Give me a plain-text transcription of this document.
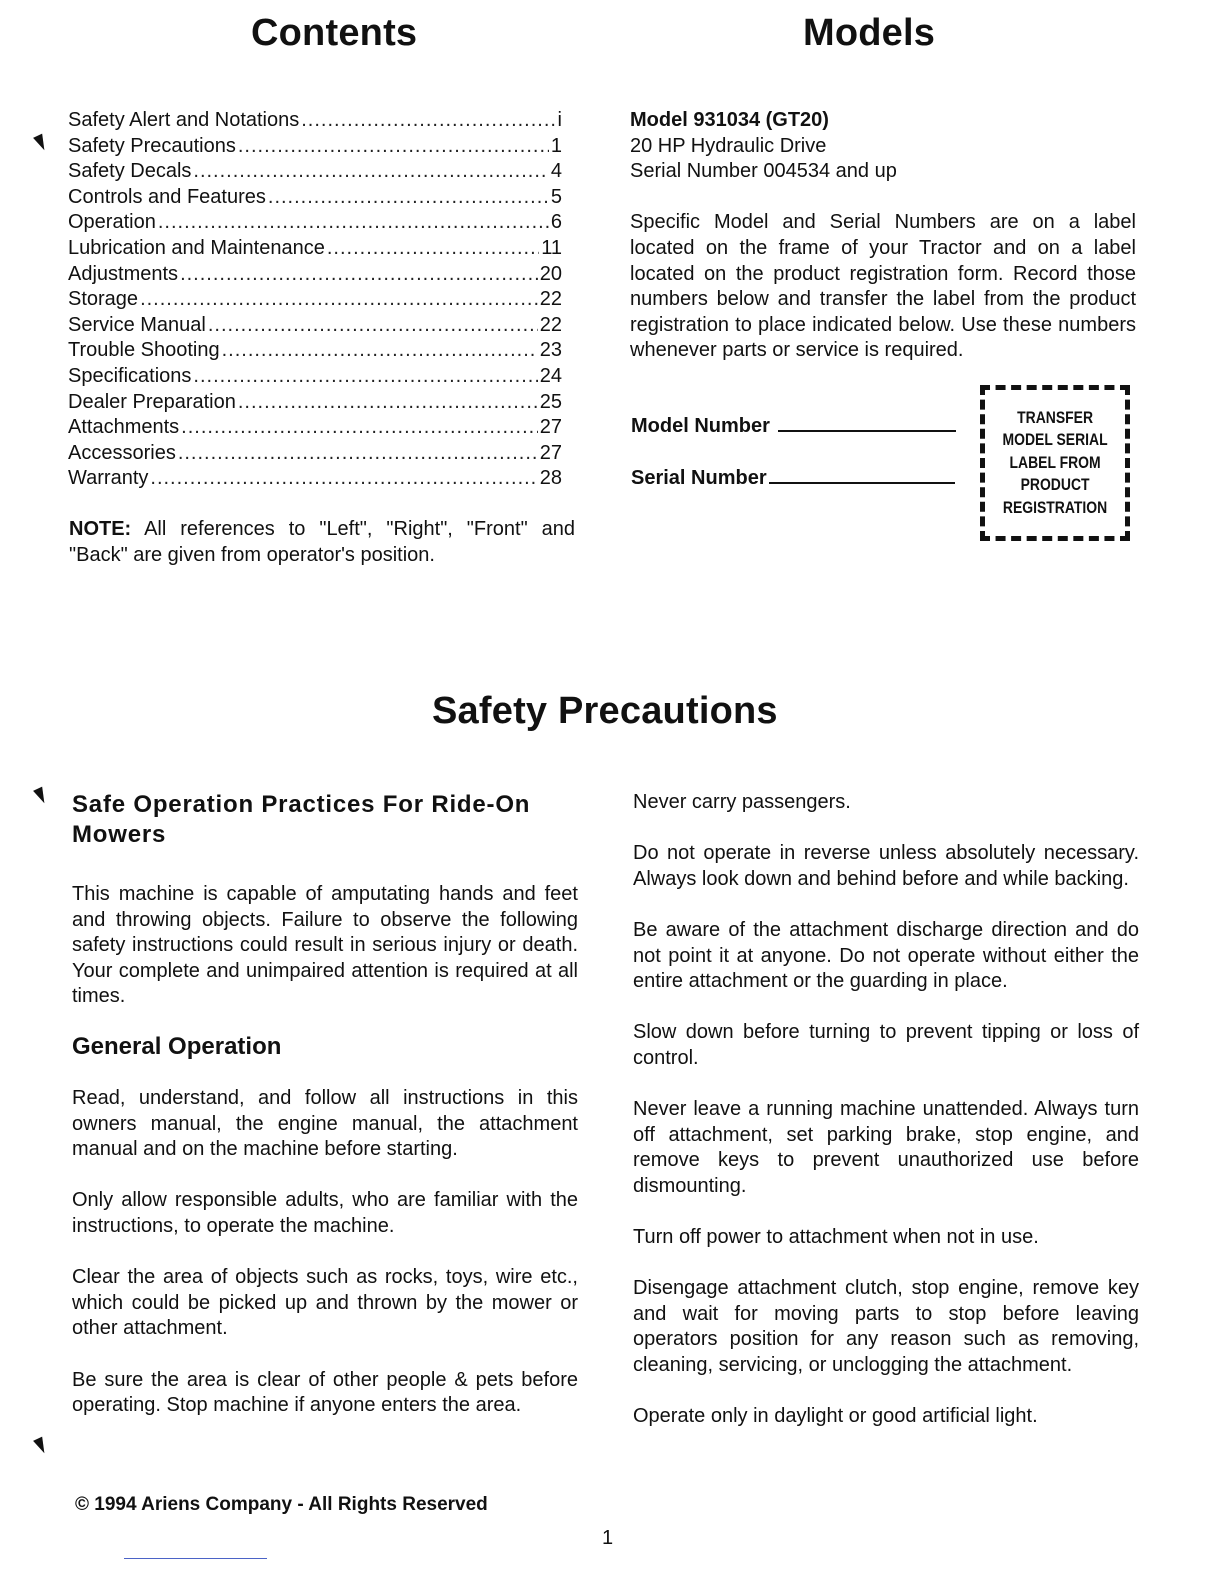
Contents	Models
Safety Alert and Notations .....	i
Safety Precautions .....	1
Safety Decals .....	4
Controls and Features .....	5
Operation .....	6
Lubrication and Maintenance .....	11
Adjustments .....	20
Storage .....	22
Service Manual .....	22
Trouble Shooting .....	23
Specifications .....	24
Dealer Preparation .....	25
Attachments .....	27
Accessories .....	27
Warranty .....	28

NOTE: All references to "Left", "Right", "Front" and "Back" are given from operator's position.

Model 931034 (GT20)

20 HP Hydraulic Drive

Serial Number 004534 and up

Specific Model and Serial Numbers are on a label located on the frame of your Tractor and on a label located on the product registration form. Record those numbers below and transfer the label from the product registration to place indicated below. Use these numbers whenever parts or service is required.

Model Number
Serial Number
TRANSFER
MODEL SERIAL
LABEL FROM
PRODUCT
REGISTRATION
Safety Precautions

Safe Operation Practices For Ride-On Mowers

This machine is capable of amputating hands and feet and throwing objects. Failure to observe the following safety instructions could result in serious injury or death. Your complete and unimpaired attention is required at all times.

General Operation

Read, understand, and follow all instructions in this owners manual, the engine manual, the attachment manual and on the machine before starting.

Only allow responsible adults, who are familiar with the instructions, to operate the machine.

Clear the area of objects such as rocks, toys, wire etc., which could be picked up and thrown by the mower or other attachment.

Be sure the area is clear of other people & pets before operating. Stop machine if anyone enters the area.

Never carry passengers.

Do not operate in reverse unless absolutely necessary. Always look down and behind before and while backing.

Be aware of the attachment discharge direction and do not point it at anyone. Do not operate without either the entire attachment or the guarding in place.

Slow down before turning to prevent tipping or loss of control.

Never leave a running machine unattended. Always turn off attachment, set parking brake, stop engine, and remove keys to prevent unauthorized use before dismounting.

Turn off power to attachment when not in use.

Disengage attachment clutch, stop engine, remove key and wait for moving parts to stop before leaving operators position for any reason such as removing, cleaning, servicing, or unclogging the attachment.

Operate only in daylight or good artificial light.

© 1994 Ariens Company - All Rights Reserved
1
